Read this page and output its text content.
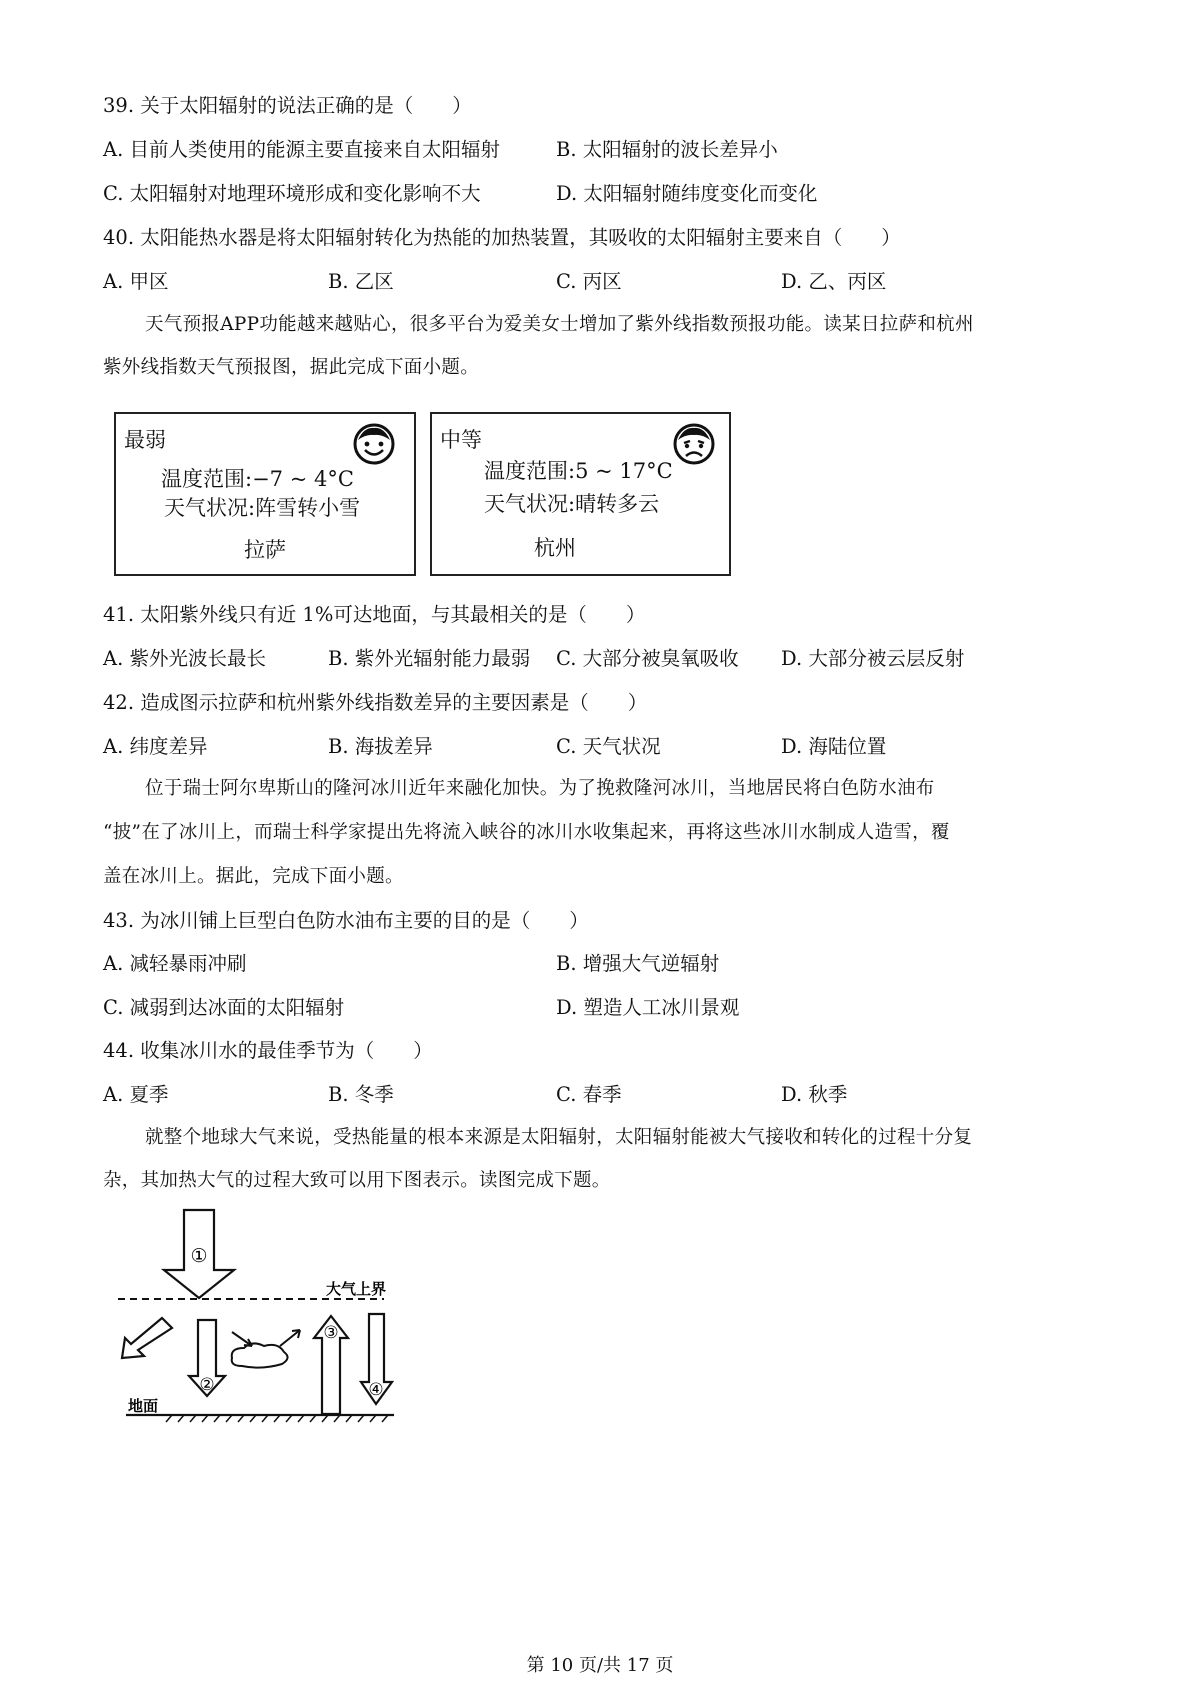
39. 关于太阳辐射的说法正确的是（　　）
A. 目前人类使用的能源主要直接来自太阳辐射	B. 太阳辐射的波长差异小
C. 太阳辐射对地理环境形成和变化影响不大	D. 太阳辐射随纬度变化而变化
40. 太阳能热水器是将太阳辐射转化为热能的加热装置，其吸收的太阳辐射主要来自（　　）
A. 甲区	B. 乙区	C. 丙区	D. 乙、丙区
天气预报APP功能越来越贴心，很多平台为爱美女士增加了紫外线指数预报功能。读某日拉萨和杭州
紫外线指数天气预报图，据此完成下面小题。
最弱
温度范围:−7 ~ 4°C
天气状况:阵雪转小雪
拉萨
中等
温度范围:5 ~ 17°C
天气状况:晴转多云
杭州
41. 太阳紫外线只有近 1%可达地面，与其最相关的是（　　）
A. 紫外光波长最长	B. 紫外光辐射能力最弱 C. 大部分被臭氧吸收 D. 大部分被云层反射
42. 造成图示拉萨和杭州紫外线指数差异的主要因素是（　　）
A. 纬度差异	B. 海拔差异	C. 天气状况	D. 海陆位置
位于瑞士阿尔卑斯山的隆河冰川近年来融化加快。为了挽救隆河冰川，当地居民将白色防水油布
“披”在了冰川上，而瑞士科学家提出先将流入峡谷的冰川水收集起来，再将这些冰川水制成人造雪，覆
盖在冰川上。据此，完成下面小题。
43. 为冰川铺上巨型白色防水油布主要的目的是（　　）
A. 减轻暴雨冲刷	B. 增强大气逆辐射
C. 减弱到达冰面的太阳辐射	D. 塑造人工冰川景观
44. 收集冰川水的最佳季节为（　　）
A. 夏季	B. 冬季	C. 春季	D. 秋季
就整个地球大气来说，受热能量的根本来源是太阳辐射，太阳辐射能被大气接收和转化的过程十分复
杂，其加热大气的过程大致可以用下图表示。读图完成下题。
①
大气上界
②
③
④
地面
第 10 页/共 17 页
